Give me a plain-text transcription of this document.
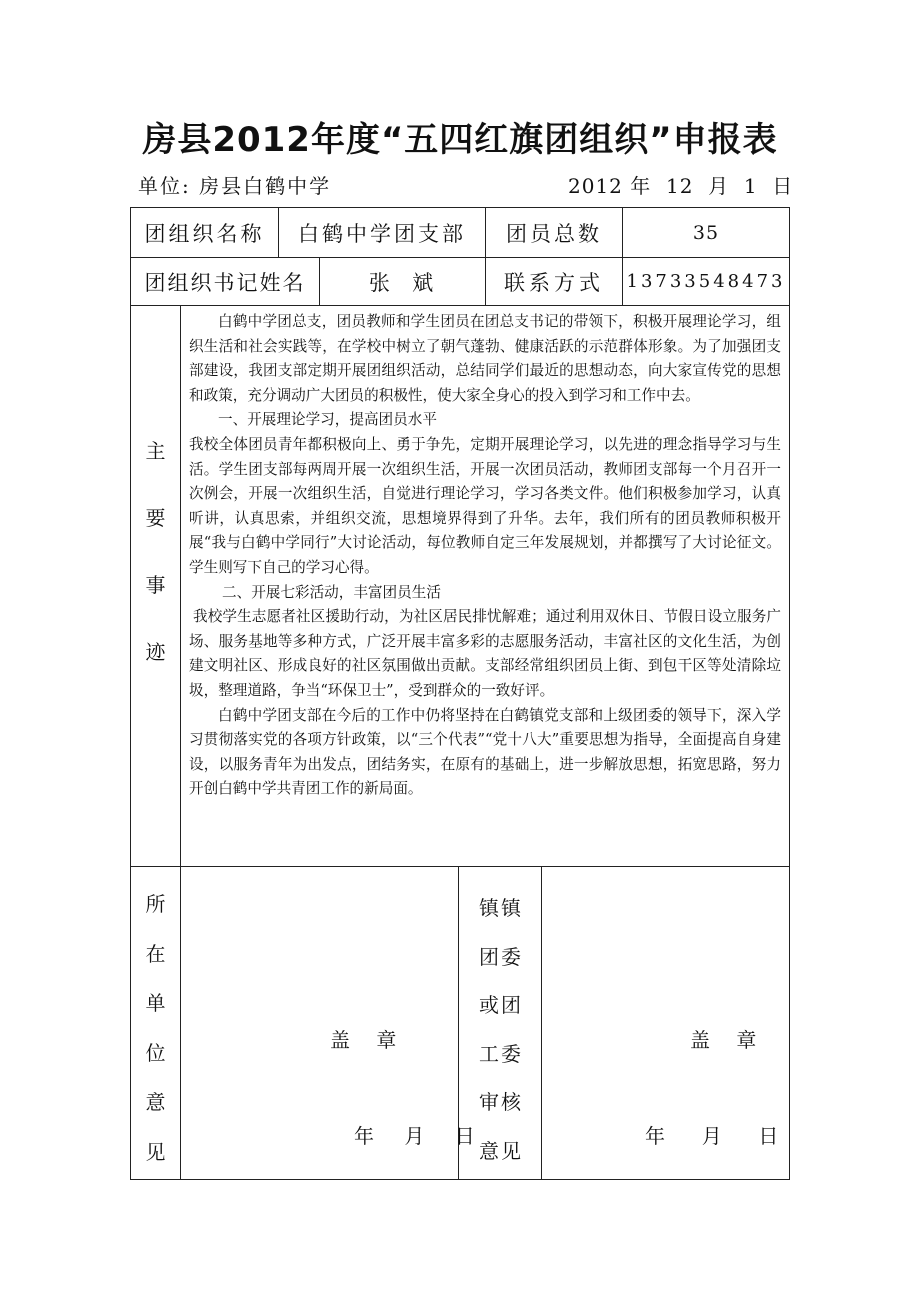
房县2012年度“五四红旗团组织”申报表
单位: 房县白鹤中学	2012 年  12  月  1  日
团组织名称	白鹤中学团支部	团员总数	35
团组织书记姓名	张  斌	联系方式	13733548473
主
要
事
迹

白鹤中学团总支，团员教师和学生团员在团总支书记的带领下，积极开展理论学习，组织生活和社会实践等，在学校中树立了朝气蓬勃、健康活跃的示范群体形象。为了加强团支部建设，我团支部定期开展团组织活动，总结同学们最近的思想动态，向大家宣传党的思想和政策，充分调动广大团员的积极性，使大家全身心的投入到学习和工作中去。

一、开展理论学习，提高团员水平

我校全体团员青年都积极向上、勇于争先，定期开展理论学习，以先进的理念指导学习与生活。学生团支部每两周开展一次组织生活，开展一次团员活动，教师团支部每一个月召开一次例会，开展一次组织生活，自觉进行理论学习，学习各类文件。他们积极参加学习，认真听讲，认真思索，并组织交流，思想境界得到了升华。去年，我们所有的团员教师积极开展“我与白鹤中学同行”大讨论活动，每位教师自定三年发展规划，并都撰写了大讨论征文。学生则写下自己的学习心得。

二、开展七彩活动，丰富团员生活

我校学生志愿者社区援助行动，为社区居民排忧解难；通过利用双休日、节假日设立服务广场、服务基地等多种方式，广泛开展丰富多彩的志愿服务活动，丰富社区的文化生活，为创建文明社区、形成良好的社区氛围做出贡献。支部经常组织团员上街、到包干区等处清除垃圾，整理道路，争当“环保卫士”，受到群众的一致好评。

白鹤中学团支部在今后的工作中仍将坚持在白鹤镇党支部和上级团委的领导下，深入学习贯彻落实党的各项方针政策，以“三个代表”“党十八大”重要思想为指导，全面提高自身建设，以服务青年为出发点，团结务实，在原有的基础上，进一步解放思想，拓宽思路，努力开创白鹤中学共青团工作的新局面。

所
在
单
位
意
见
盖 章
年 月 日
镇镇
团委
或团
工委
审核
意见
盖 章
年  月  日
